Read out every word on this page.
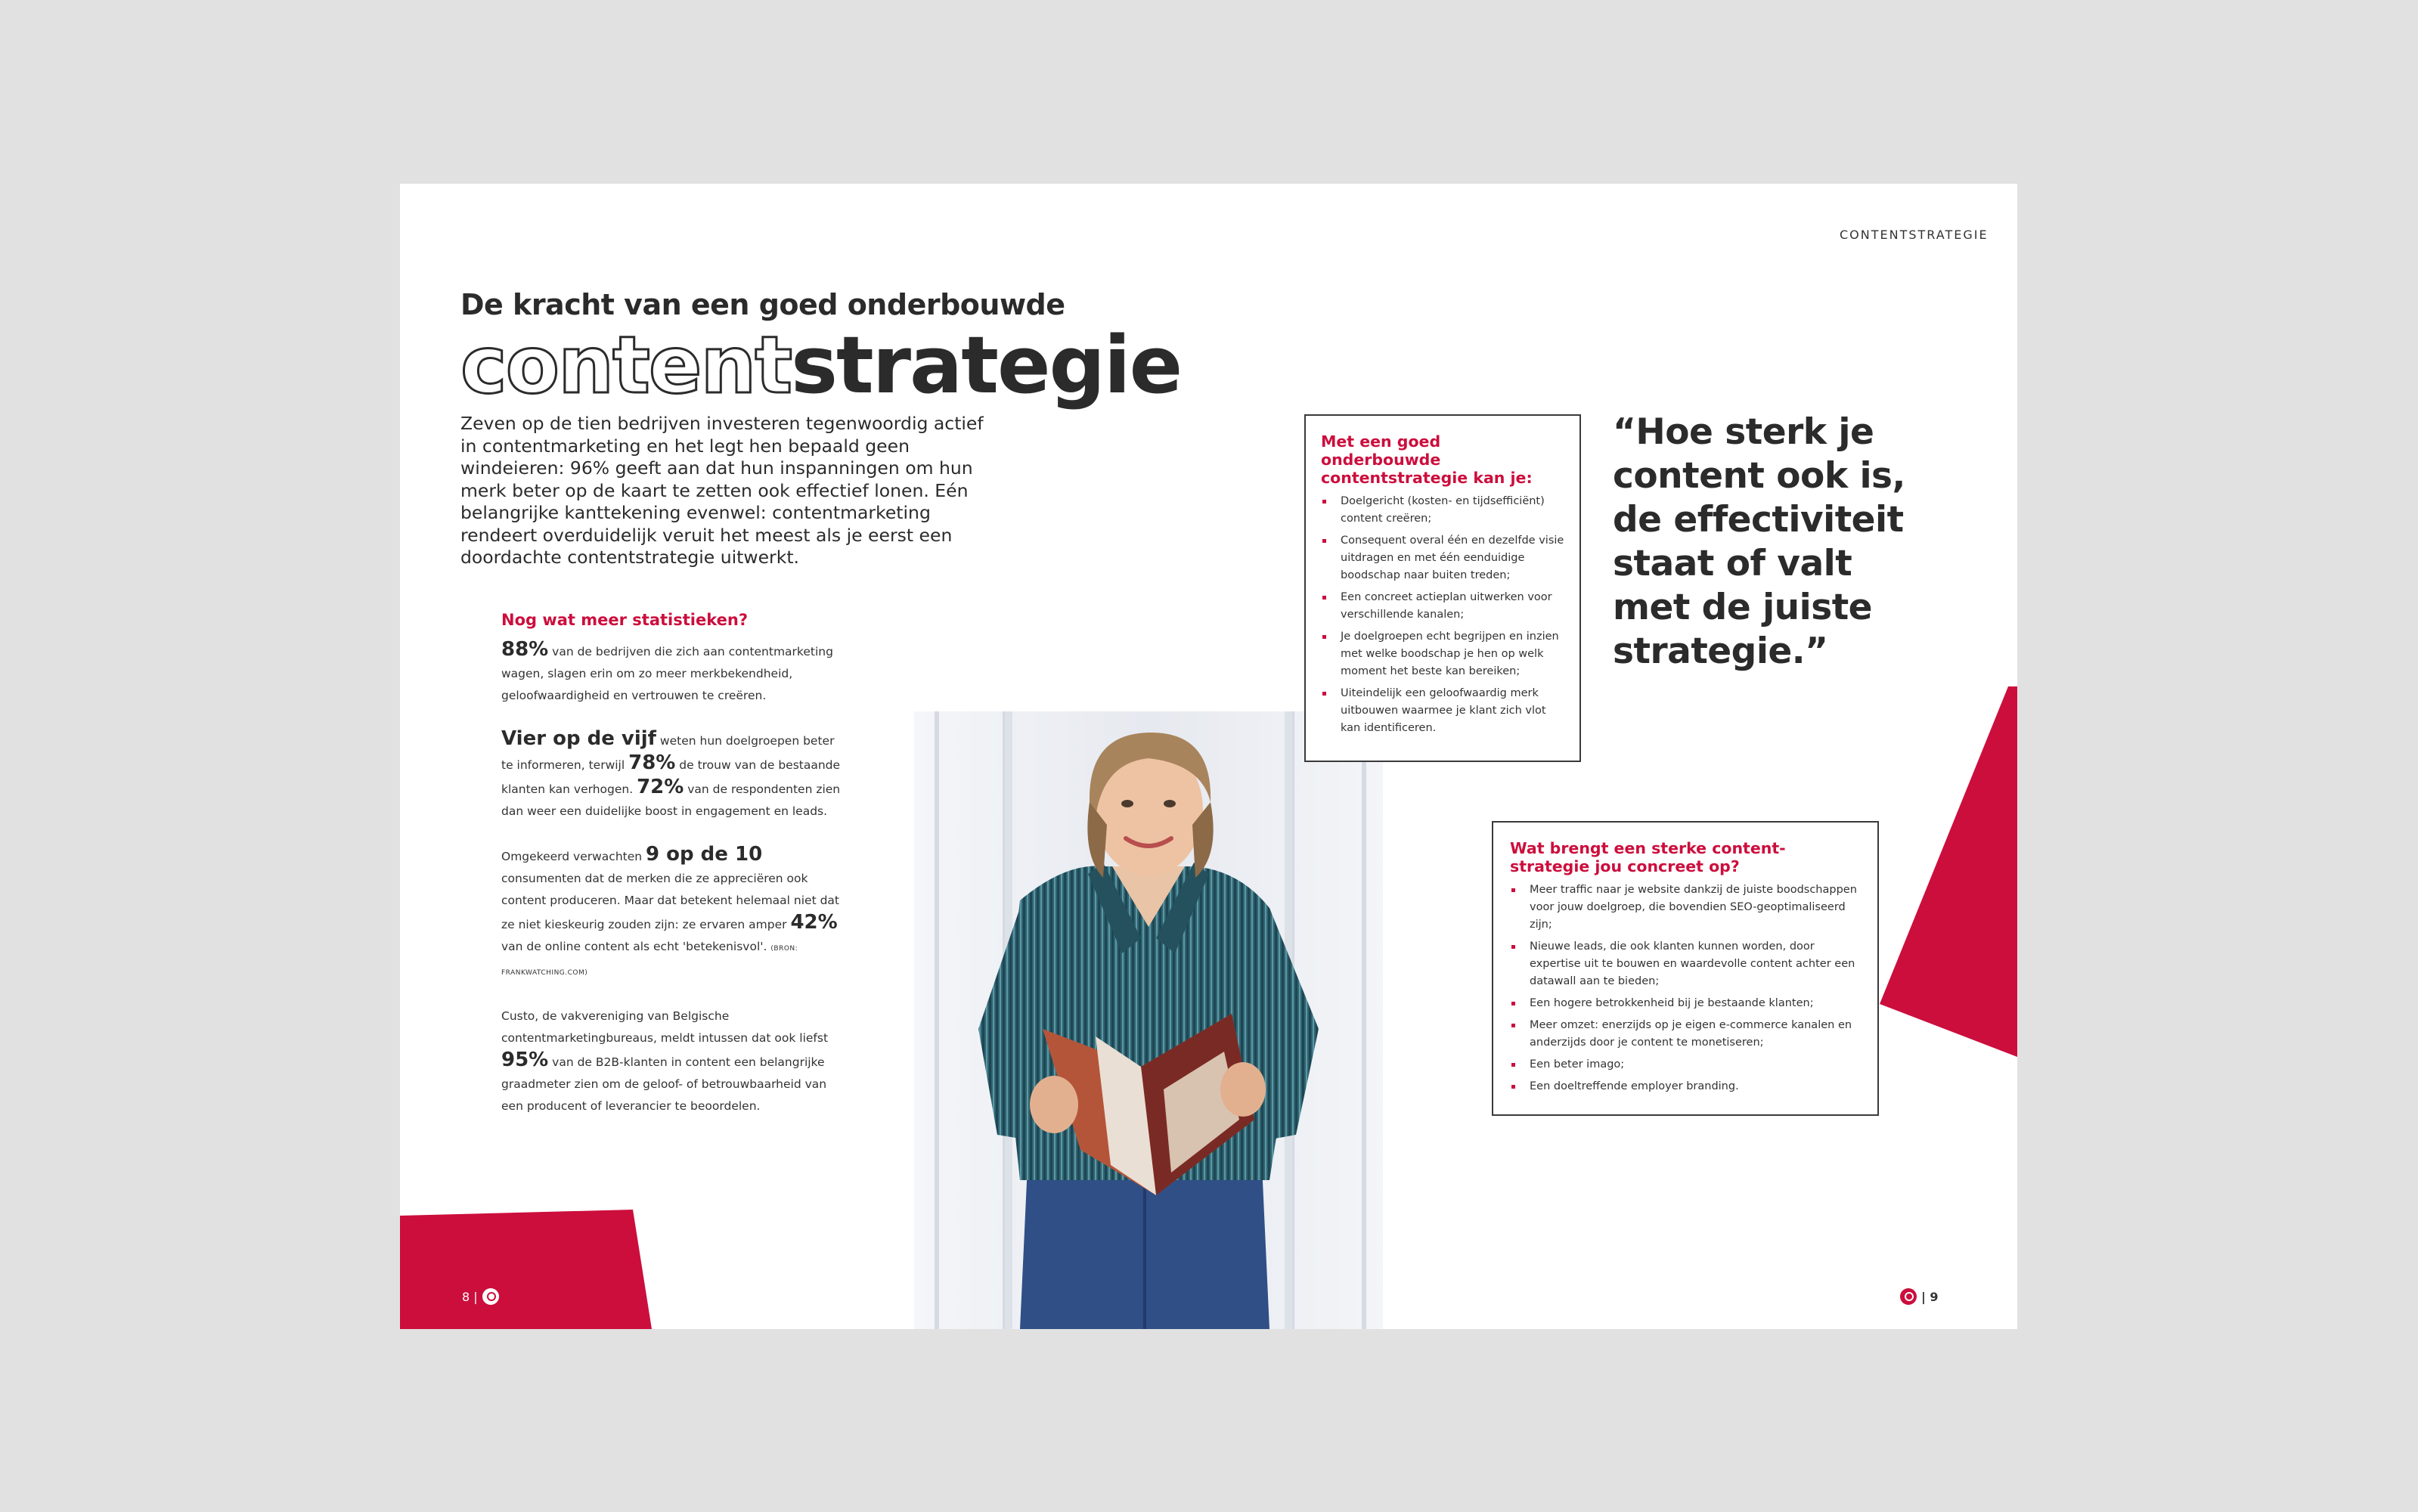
CONTENTSTRATEGIE
De kracht van een goed onderbouwde
contentstrategie
Zeven op de tien bedrijven investeren tegenwoordig actief in contentmarketing en het legt hen bepaald geen windeieren: 96% geeft aan dat hun inspanningen om hun merk beter op de kaart te zetten ook effectief lonen. Eén belangrijke kanttekening evenwel: contentmarketing rendeert overduidelijk veruit het meest als je eerst een doordachte contentstrategie uitwerkt.
Nog wat meer statistieken?

88% van de bedrijven die zich aan contentmarketing wagen, slagen erin om zo meer merkbekendheid, geloofwaardigheid en vertrouwen te creëren.

Vier op de vijf weten hun doelgroepen beter te informeren, terwijl 78% de trouw van de bestaande klanten kan verhogen. 72% van de respondenten zien dan weer een duidelijke boost in engagement en leads.

Omgekeerd verwachten 9 op de 10 consumenten dat de merken die ze appreciëren ook content produceren. Maar dat betekent helemaal niet dat ze niet kieskeurig zouden zijn: ze ervaren amper 42% van de online content als echt 'betekenisvol'. (BRON: FRANKWATCHING.COM)

Custo, de vakvereniging van Belgische contentmarketingbureaus, meldt intussen dat ook liefst 95% van de B2B-klanten in content een belangrijke graadmeter zien om de geloof- of betrouwbaarheid van een producent of leverancier te beoordelen.

Met een goed onderbouwde contentstrategie kan je:
Doelgericht (kosten- en tijdsefficiënt) content creëren;
Consequent overal één en dezelfde visie uitdragen en met één eenduidige boodschap naar buiten treden;
Een concreet actieplan uitwerken voor verschillende kanalen;
Je doelgroepen echt begrijpen en inzien met welke boodschap je hen op welk moment het beste kan bereiken;
Uiteindelijk een geloofwaardig merk uitbouwen waarmee je klant zich vlot kan identificeren.
“Hoe sterk je content ook is, de effectiviteit staat of valt met de juiste strategie.”
Wat brengt een sterke content-strategie jou concreet op?
Meer traffic naar je website dankzij de juiste boodschappen voor jouw doelgroep, die bovendien SEO-geoptimaliseerd zijn;
Nieuwe leads, die ook klanten kunnen worden, door expertise uit te bouwen en waardevolle content achter een datawall aan te bieden;
Een hogere betrokkenheid bij je bestaande klanten;
Meer omzet: enerzijds op je eigen e-commerce kanalen en anderzijds door je content te monetiseren;
Een beter imago;
Een doeltreffende employer branding.
8 |	| 9
